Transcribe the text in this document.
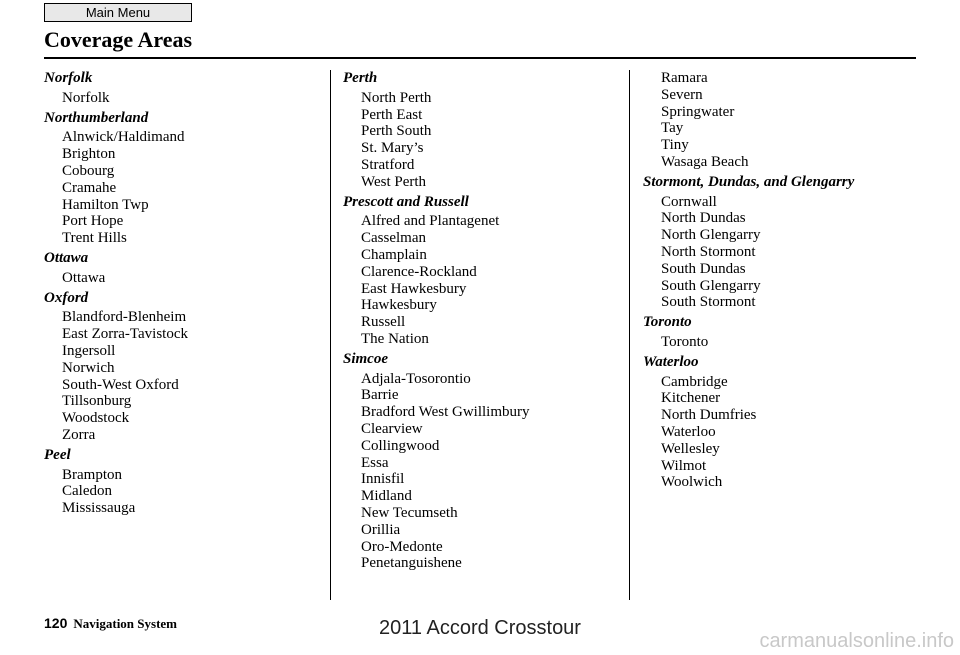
Main Menu
Coverage Areas
Norfolk
Norfolk
Northumberland
Alnwick/Haldimand
Brighton
Cobourg
Cramahe
Hamilton Twp
Port Hope
Trent Hills
Ottawa
Ottawa
Oxford
Blandford-Blenheim
East Zorra-Tavistock
Ingersoll
Norwich
South-West Oxford
Tillsonburg
Woodstock
Zorra
Peel
Brampton
Caledon
Mississauga
Perth
North Perth
Perth East
Perth South
St. Mary’s
Stratford
West Perth
Prescott and Russell
Alfred and Plantagenet
Casselman
Champlain
Clarence-Rockland
East Hawkesbury
Hawkesbury
Russell
The Nation
Simcoe
Adjala-Tosorontio
Barrie
Bradford West Gwillimbury
Clearview
Collingwood
Essa
Innisfil
Midland
New Tecumseth
Orillia
Oro-Medonte
Penetanguishene
Ramara
Severn
Springwater
Tay
Tiny
Wasaga Beach
Stormont, Dundas, and Glengarry
Cornwall
North Dundas
North Glengarry
North Stormont
South Dundas
South Glengarry
South Stormont
Toronto
Toronto
Waterloo
Cambridge
Kitchener
North Dumfries
Waterloo
Wellesley
Wilmot
Woolwich
120 Navigation System	2011 Accord Crosstour
carmanualsonline.info
